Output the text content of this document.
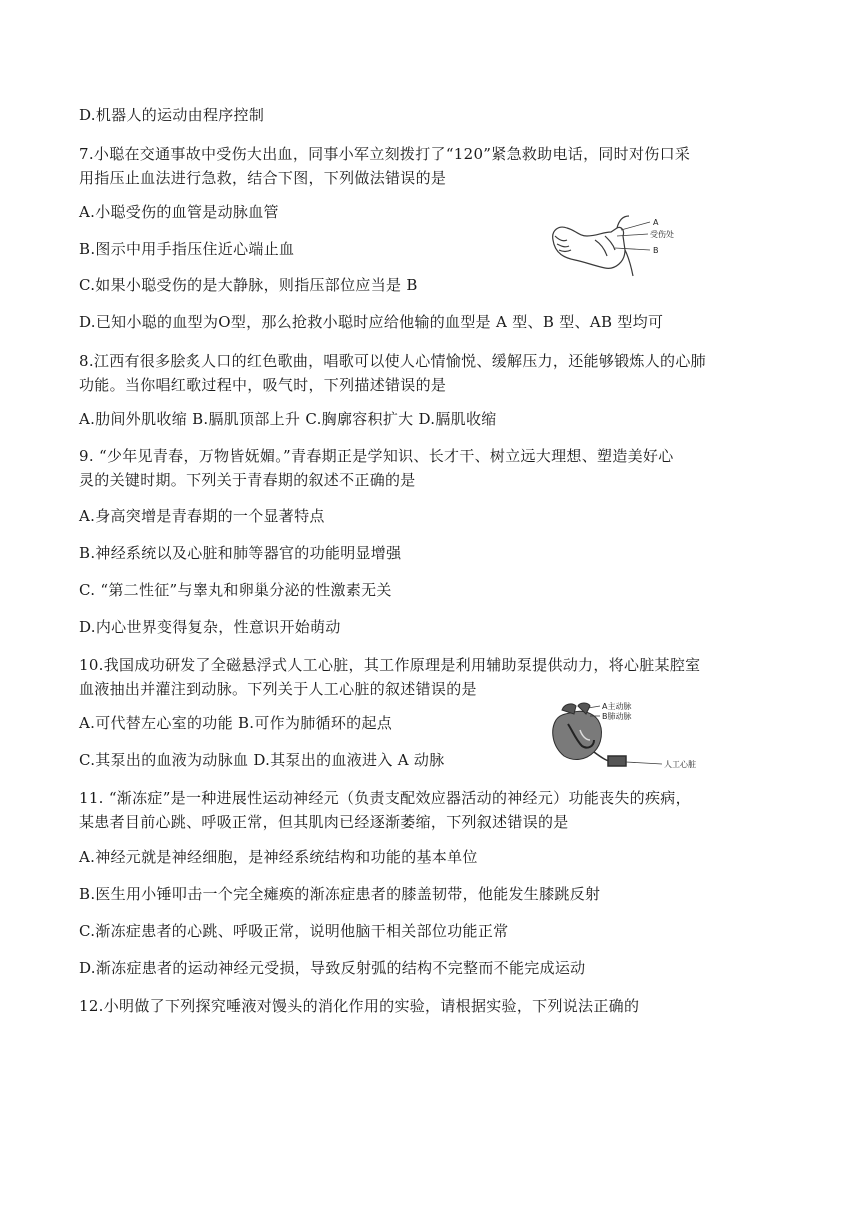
D.机器人的运动由程序控制
7.小聪在交通事故中受伤大出血，同事小军立刻拨打了“120”紧急救助电话，同时对伤口采
用指压止血法进行急救，结合下图，下列做法错误的是
A.小聪受伤的血管是动脉血管
B.图示中用手指压住近心端止血
C.如果小聪受伤的是大静脉，则指压部位应当是 B
D.已知小聪的血型为O型，那么抢救小聪时应给他输的血型是 A 型、B 型、AB 型均可
8.江西有很多脍炙人口的红色歌曲，唱歌可以使人心情愉悦、缓解压力，还能够锻炼人的心肺
功能。当你唱红歌过程中，吸气时，下列描述错误的是
A.肋间外肌收缩 B.膈肌顶部上升 C.胸廓容积扩大 D.膈肌收缩
9. “少年见青春，万物皆妩媚。”青春期正是学知识、长才干、树立远大理想、塑造美好心
灵的关键时期。下列关于青春期的叙述不正确的是
A.身高突增是青春期的一个显著特点
B.神经系统以及心脏和肺等器官的功能明显增强
C. “第二性征”与睾丸和卵巢分泌的性激素无关
D.内心世界变得复杂，性意识开始萌动
10.我国成功研发了全磁悬浮式人工心脏，其工作原理是利用辅助泵提供动力，将心脏某腔室
血液抽出并灌注到动脉。下列关于人工心脏的叙述错误的是
A.可代替左心室的功能 B.可作为肺循环的起点
C.其泵出的血液为动脉血 D.其泵出的血液进入 A 动脉
11. “渐冻症”是一种进展性运动神经元（负责支配效应器活动的神经元）功能丧失的疾病，
某患者目前心跳、呼吸正常，但其肌肉已经逐渐萎缩，下列叙述错误的是
A.神经元就是神经细胞，是神经系统结构和功能的基本单位
B.医生用小锤叩击一个完全瘫痪的渐冻症患者的膝盖韧带，他能发生膝跳反射
C.渐冻症患者的心跳、呼吸正常，说明他脑干相关部位功能正常
D.渐冻症患者的运动神经元受损，导致反射弧的结构不完整而不能完成运动
12.小明做了下列探究唾液对馒头的消化作用的实验，请根据实验，下列说法正确的
A
受伤处
B
A主动脉
B肺动脉
人工心脏
